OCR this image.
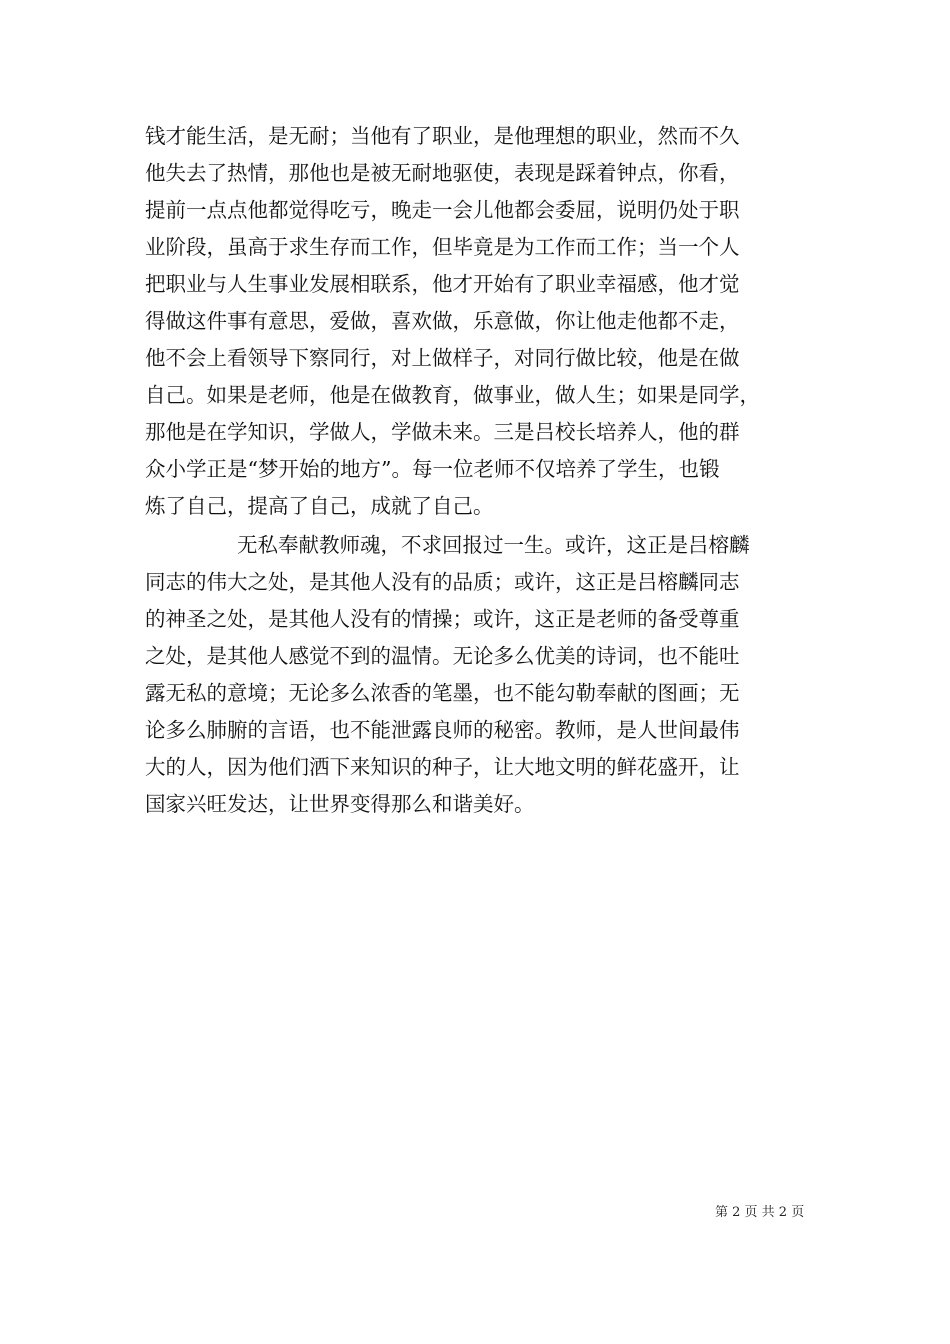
钱才能生活，是无耐；当他有了职业，是他理想的职业，然而不久
他失去了热情，那他也是被无耐地驱使，表现是踩着钟点，你看，
提前一点点他都觉得吃亏，晚走一会儿他都会委屈，说明仍处于职
业阶段，虽高于求生存而工作，但毕竟是为工作而工作；当一个人
把职业与人生事业发展相联系，他才开始有了职业幸福感，他才觉
得做这件事有意思，爱做，喜欢做，乐意做，你让他走他都不走，
他不会上看领导下察同行，对上做样子，对同行做比较，他是在做
自己。如果是老师，他是在做教育，做事业，做人生；如果是同学，
那他是在学知识，学做人，学做未来。三是吕校长培养人，他的群
众小学正是“梦开始的地方”。每一位老师不仅培养了学生，也锻
炼了自己，提高了自己，成就了自己。
无私奉献教师魂，不求回报过一生。或许，这正是吕榕麟
同志的伟大之处，是其他人没有的品质；或许，这正是吕榕麟同志
的神圣之处，是其他人没有的情操；或许，这正是老师的备受尊重
之处，是其他人感觉不到的温情。无论多么优美的诗词，也不能吐
露无私的意境；无论多么浓香的笔墨，也不能勾勒奉献的图画；无
论多么肺腑的言语，也不能泄露良师的秘密。教师，是人世间最伟
大的人，因为他们洒下来知识的种子，让大地文明的鲜花盛开，让
国家兴旺发达，让世界变得那么和谐美好。
第 2 页 共 2 页
